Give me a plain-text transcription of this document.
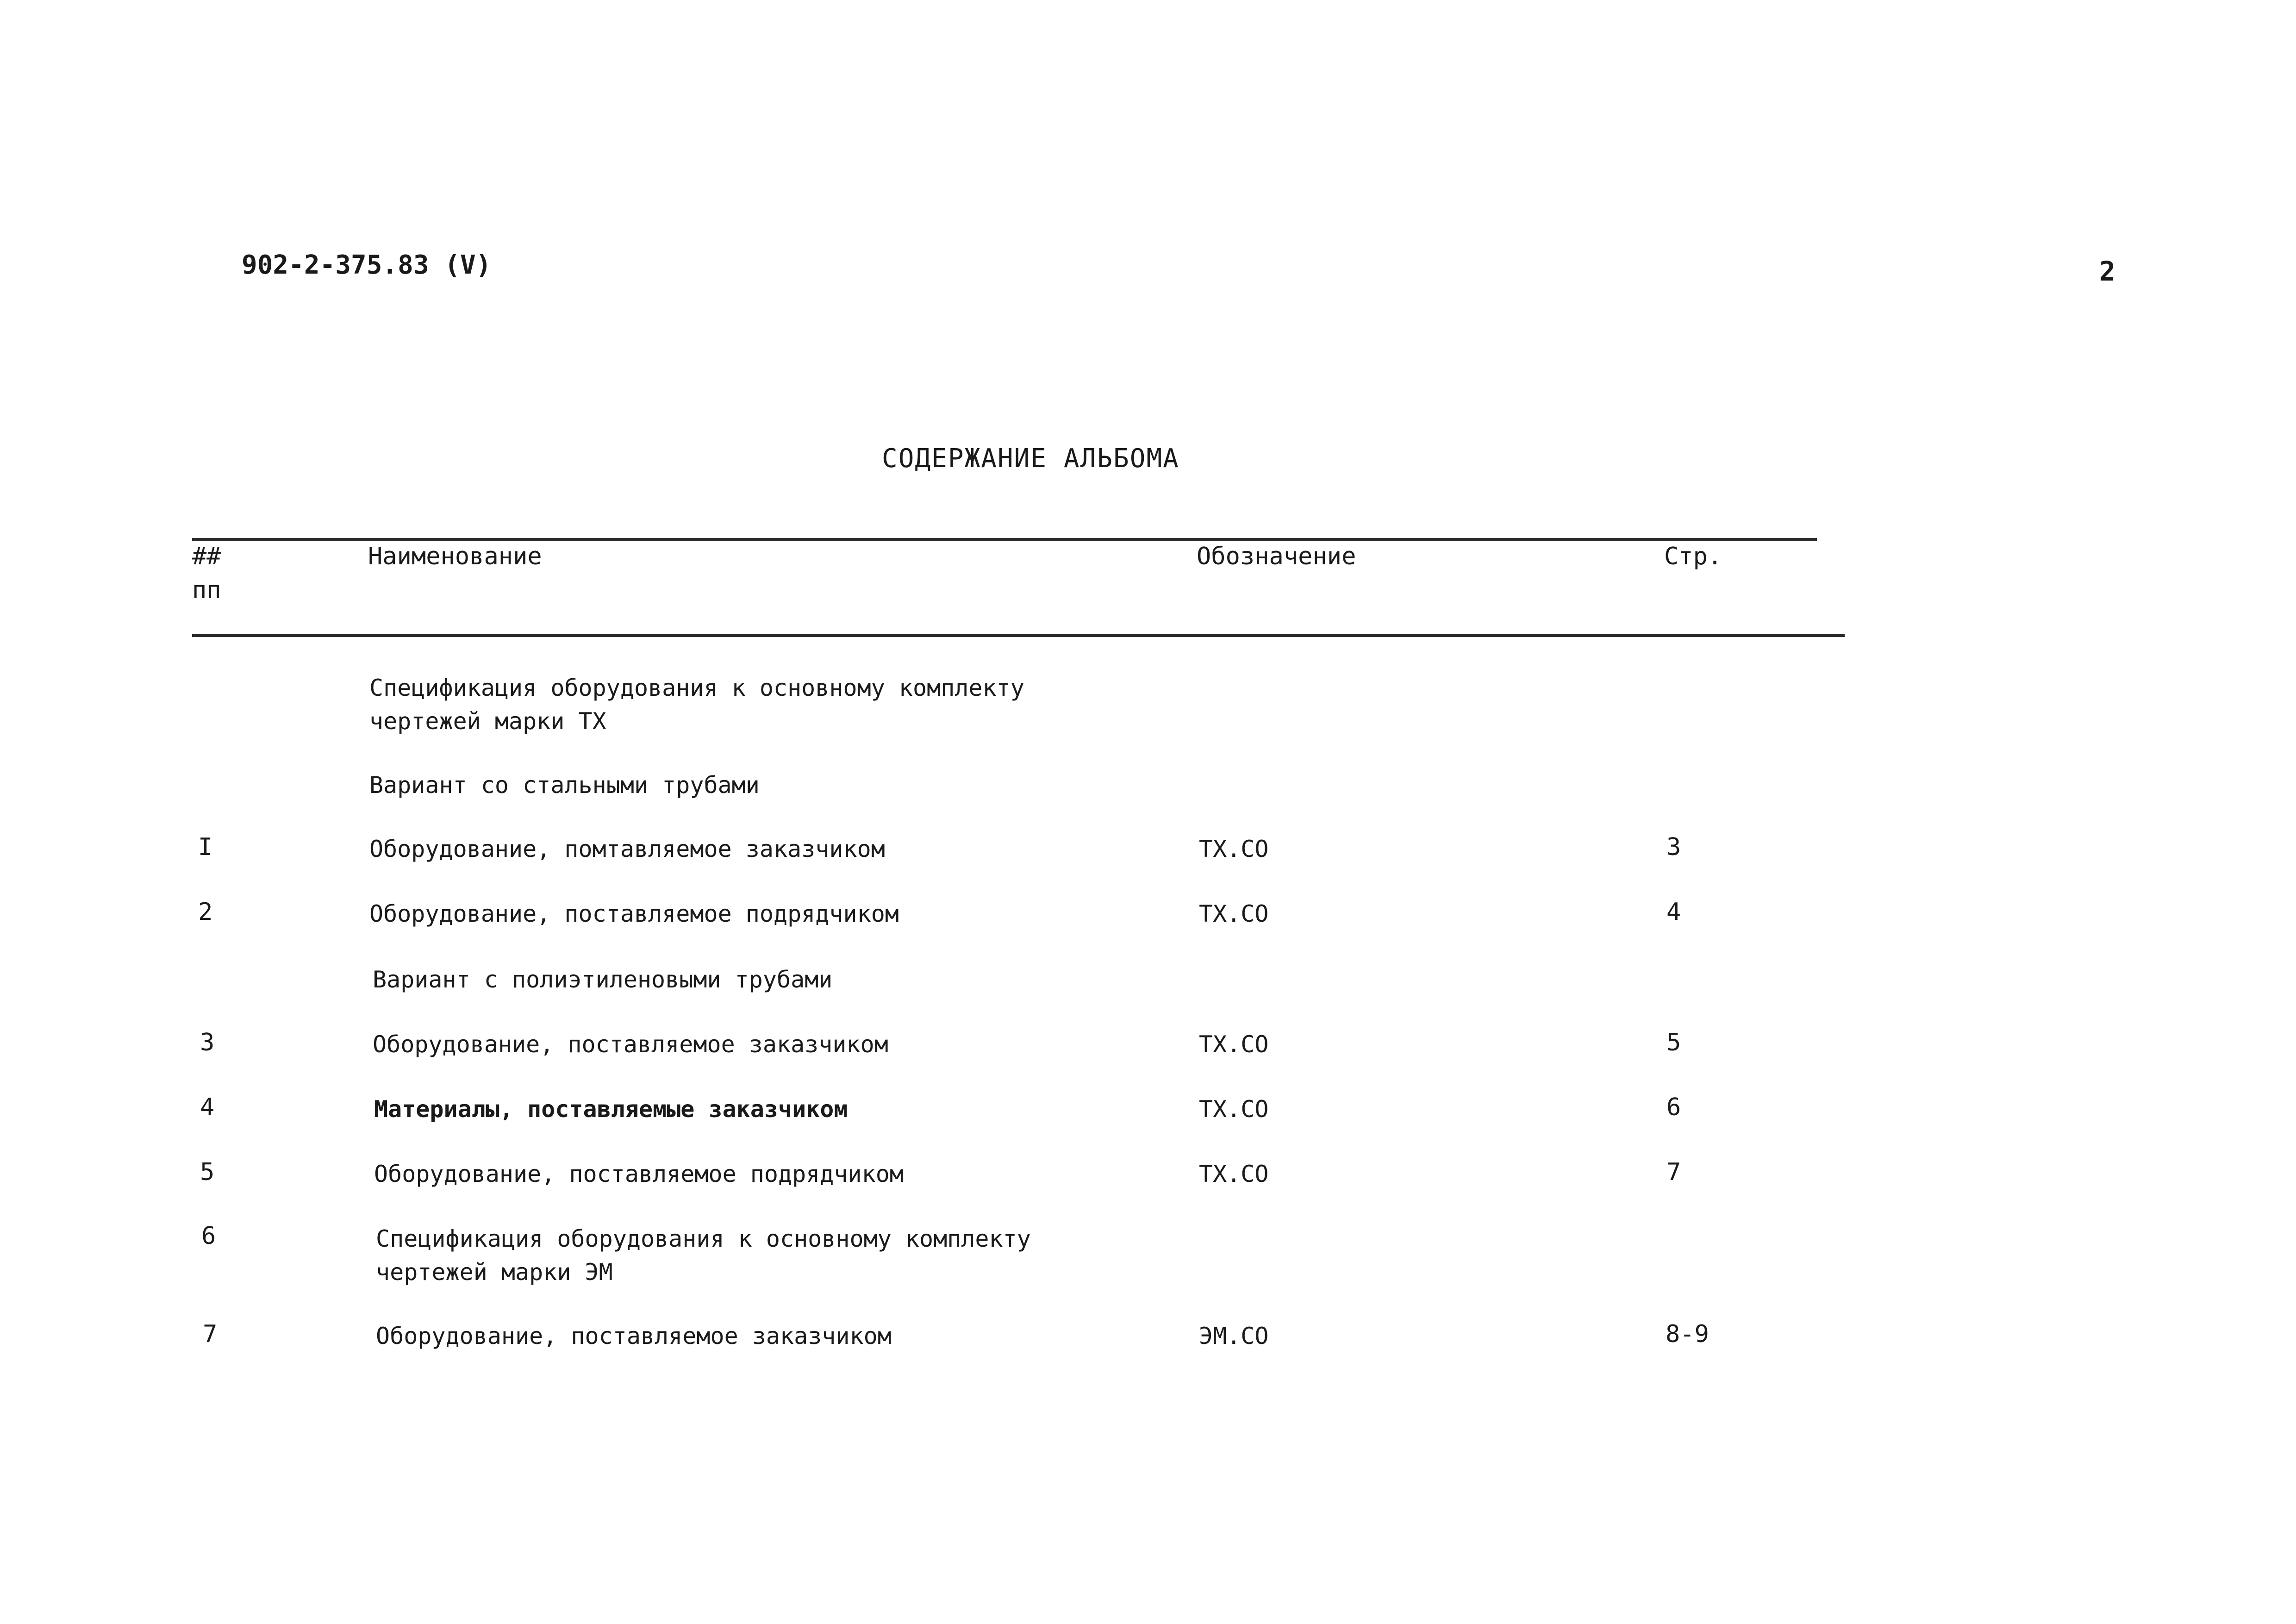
902-2-375.83 (V)	2
СОДЕРЖАНИЕ АЛЬБОМА
##
пп
Наименование	Обозначение	Стр.
Спецификация оборудования к основному комплекту
чертежей марки ТХ
Вариант со стальными трубами
I	Оборудование, помтавляемое заказчиком	ТХ.СО	3
2	Оборудование, поставляемое подрядчиком	ТХ.СО	4
Вариант с полиэтиленовыми трубами
3	Оборудование, поставляемое заказчиком	ТХ.СО	5
4	Материалы, поставляемые заказчиком	ТХ.СО	6
5	Оборудование, поставляемое подрядчиком	ТХ.СО	7
6	Спецификация оборудования к основному комплекту
чертежей марки ЭМ
7	Оборудование, поставляемое заказчиком	ЭМ.СО	8-9
